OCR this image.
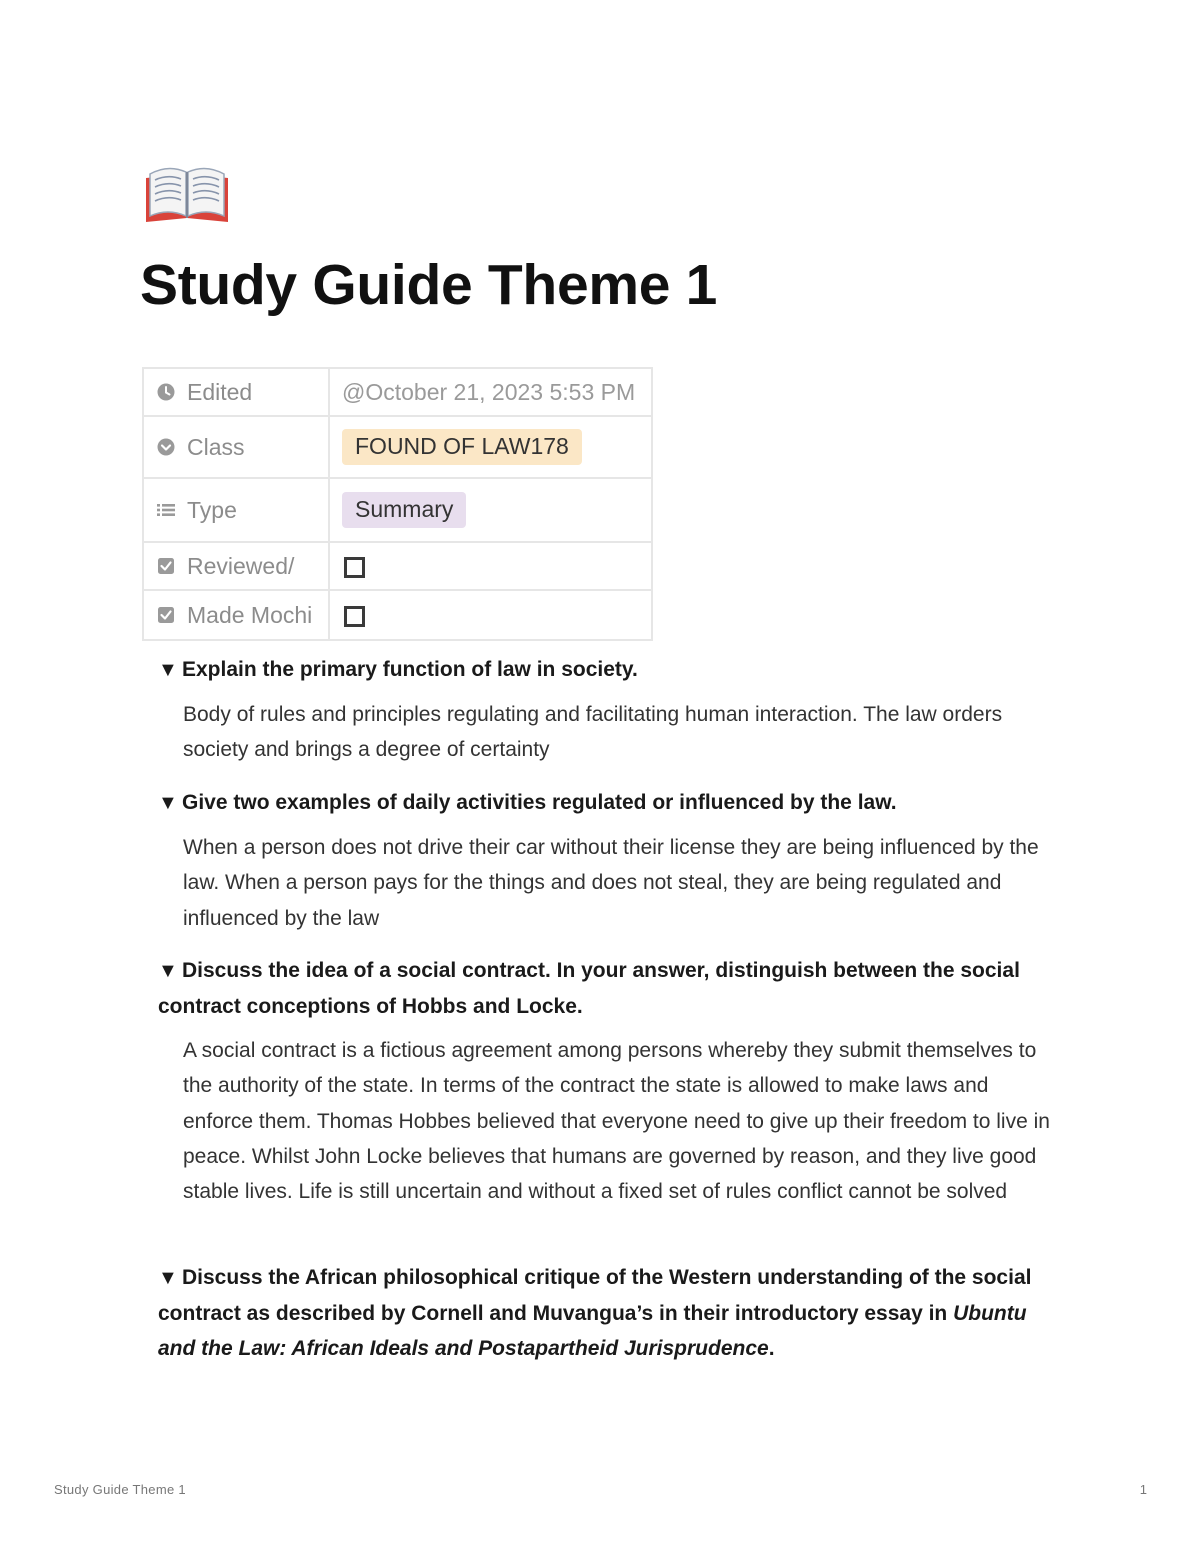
Study Guide Theme 1
Edited	@October 21, 2023 5:53 PM

Class	FOUND OF LAW178

Type	Summary

Reviewed/	

Made Mochi	

▼ Explain the primary function of law in society.
Body of rules and principles regulating and facilitating human interaction. The law orders society and brings a degree of certainty
▼ Give two examples of daily activities regulated or influenced by the law.
When a person does not drive their car without their license they are being influenced by the law. When a person pays for the things and does not steal, they are being regulated and influenced by the law
▼ Discuss the idea of a social contract. In your answer, distinguish between the social contract conceptions of Hobbs and Locke.
A social contract is a fictious agreement among persons whereby they submit themselves to the authority of the state. In terms of the contract the state is allowed to make laws and enforce them. Thomas Hobbes believed that everyone need to give up their freedom to live in peace. Whilst John Locke believes that humans are governed by reason, and they live good stable lives. Life is still uncertain and without a fixed set of rules conflict cannot be solved
▼ Discuss the African philosophical critique of the Western understanding of the social contract as described by Cornell and Muvangua’s in their introductory essay in Ubuntu and the Law: African Ideals and Postapartheid Jurisprudence.
Study Guide Theme 1	1
